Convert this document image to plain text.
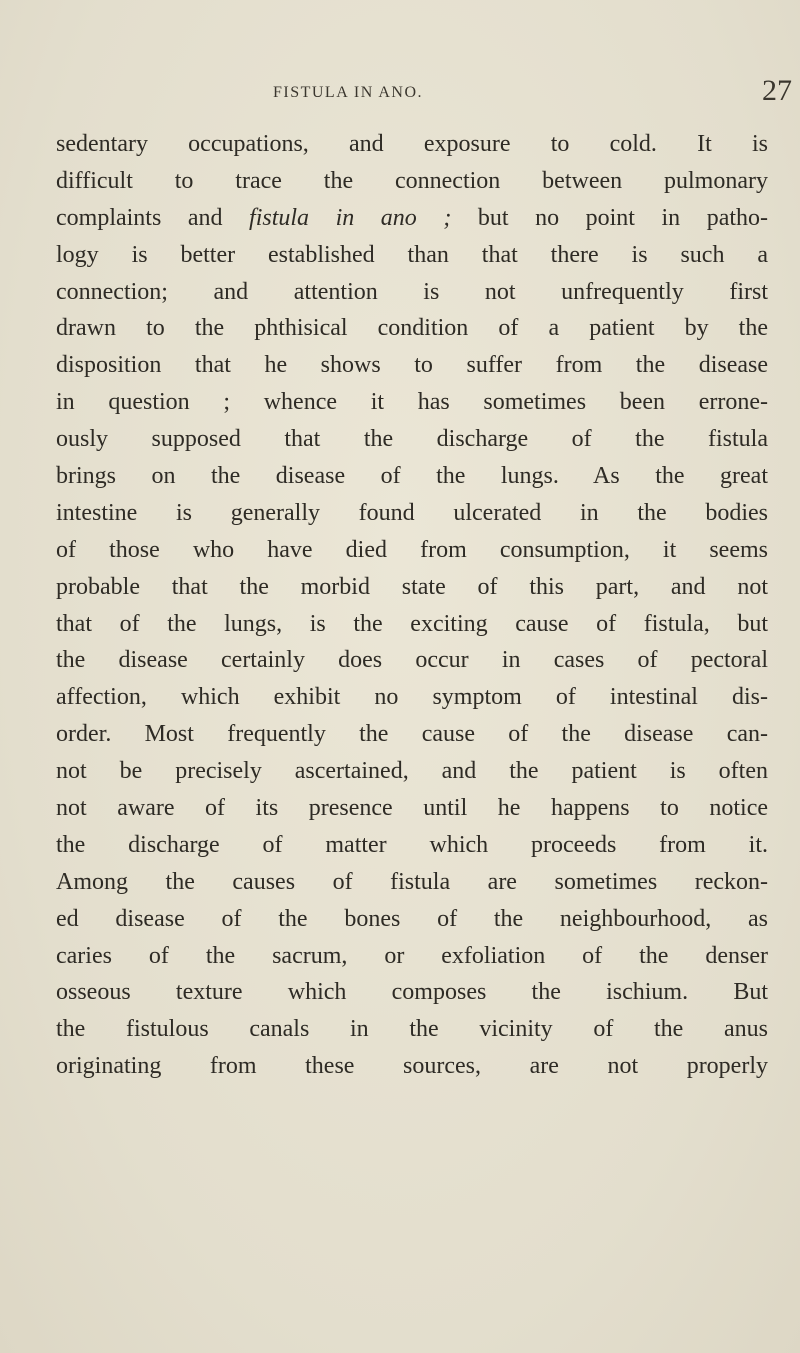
FISTULA IN ANO.	27
sedentary occupations, and exposure to cold. It is
difficult to trace the connection between pulmonary
complaints and fistula in ano ; but no point in patho-
logy is better established than that there is such a
connection; and attention is not unfrequently first
drawn to the phthisical condition of a patient by the
disposition that he shows to suffer from the disease
in question ; whence it has sometimes been errone-
ously supposed that the discharge of the fistula
brings on the disease of the lungs. As the great
intestine is generally found ulcerated in the bodies
of those who have died from consumption, it seems
probable that the morbid state of this part, and not
that of the lungs, is the exciting cause of fistula, but
the disease certainly does occur in cases of pectoral
affection, which exhibit no symptom of intestinal dis-
order. Most frequently the cause of the disease can-
not be precisely ascertained, and the patient is often
not aware of its presence until he happens to notice
the discharge of matter which proceeds from it.
Among the causes of fistula are sometimes reckon-
ed disease of the bones of the neighbourhood, as
caries of the sacrum, or exfoliation of the denser
osseous texture which composes the ischium. But
the fistulous canals in the vicinity of the anus
originating from these sources, are not properly
